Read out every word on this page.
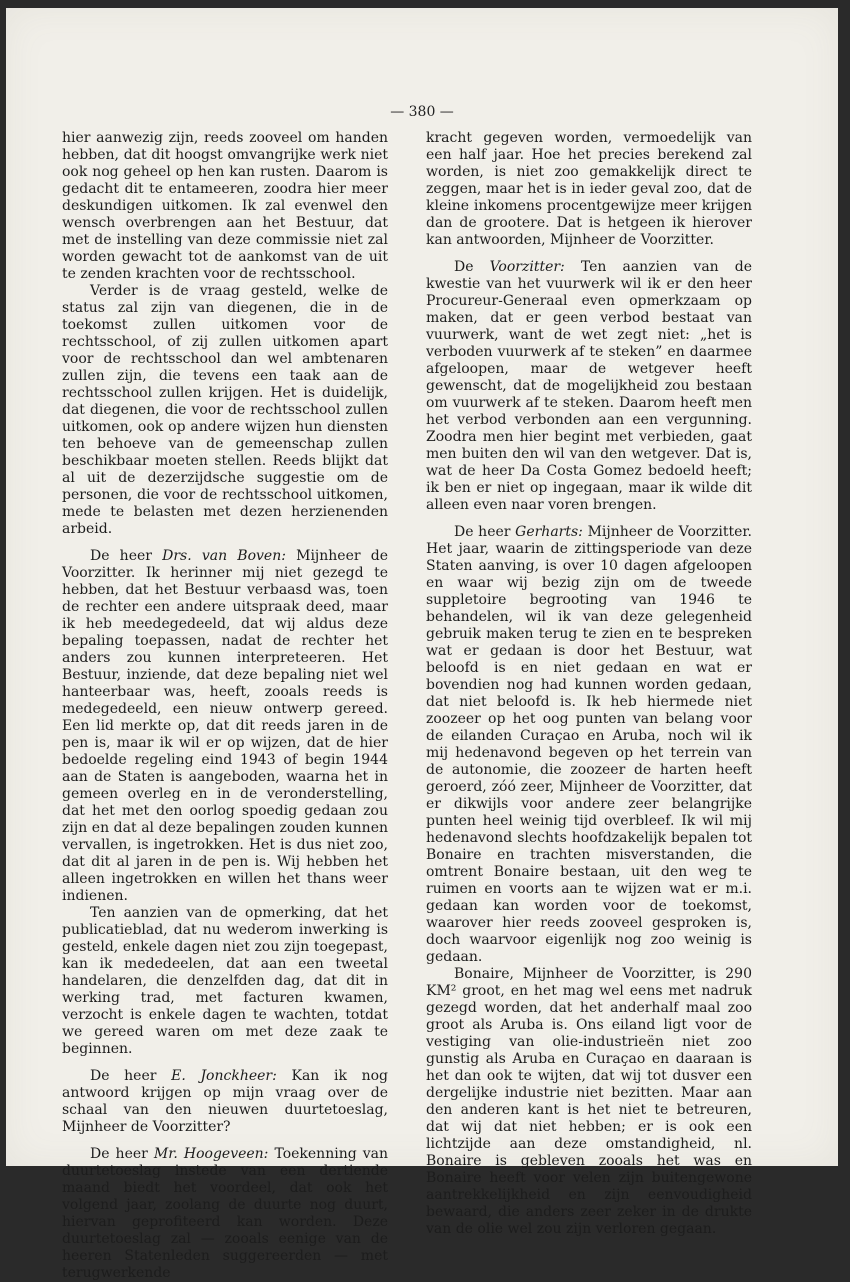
— 380 —

hier aanwezig zijn, reeds zooveel om handen hebben, dat dit hoogst omvangrijke werk niet ook nog geheel op hen kan rusten. Daarom is gedacht dit te entameeren, zoodra hier meer deskundigen uitkomen. Ik zal evenwel den wensch overbrengen aan het Bestuur, dat met de instelling van deze commissie niet zal worden gewacht tot de aankomst van de uit te zenden krachten voor de rechtsschool.

Verder is de vraag gesteld, welke de status zal zijn van diegenen, die in de toekomst zullen uitkomen voor de rechtsschool, of zij zullen uitkomen apart voor de rechtsschool dan wel ambtenaren zullen zijn, die tevens een taak aan de rechtsschool zullen krijgen. Het is duidelijk, dat diegenen, die voor de rechtsschool zullen uitkomen, ook op andere wijzen hun diensten ten behoeve van de gemeenschap zullen beschikbaar moeten stellen. Reeds blijkt dat al uit de dezerzijdsche suggestie om de personen, die voor de rechtsschool uitkomen, mede te belasten met dezen herzienenden arbeid.

De heer Drs. van Boven: Mijnheer de Voorzitter. Ik herinner mij niet gezegd te hebben, dat het Bestuur verbaasd was, toen de rechter een andere uitspraak deed, maar ik heb meedegedeeld, dat wij aldus deze bepaling toepassen, nadat de rechter het anders zou kunnen interpreteeren. Het Bestuur, inziende, dat deze bepaling niet wel hanteerbaar was, heeft, zooals reeds is medegedeeld, een nieuw ontwerp gereed. Een lid merkte op, dat dit reeds jaren in de pen is, maar ik wil er op wijzen, dat de hier bedoelde regeling eind 1943 of begin 1944 aan de Staten is aangeboden, waarna het in gemeen overleg en in de veronderstelling, dat het met den oorlog spoedig gedaan zou zijn en dat al deze bepalingen zouden kunnen vervallen, is ingetrokken. Het is dus niet zoo, dat dit al jaren in de pen is. Wij hebben het alleen ingetrokken en willen het thans weer indienen.

Ten aanzien van de opmerking, dat het publicatieblad, dat nu wederom inwerking is gesteld, enkele dagen niet zou zijn toegepast, kan ik mededeelen, dat aan een tweetal handelaren, die denzelfden dag, dat dit in werking trad, met facturen kwamen, verzocht is enkele dagen te wachten, totdat we gereed waren om met deze zaak te beginnen.

De heer E. Jonckheer: Kan ik nog antwoord krijgen op mijn vraag over de schaal van den nieuwen duurtetoeslag, Mijnheer de Voorzitter?

De heer Mr. Hoogeveen: Toekenning van duurtetoeslag instede van een dertiende maand biedt het voordeel, dat ook het volgend jaar, zoolang de duurte nog duurt, hiervan geprofiteerd kan worden. Deze duurtetoeslag zal — zooals eenige van de heeren Statenleden suggereerden — met terugwerkende

kracht gegeven worden, vermoedelijk van een half jaar. Hoe het precies berekend zal worden, is niet zoo gemakkelijk direct te zeggen, maar het is in ieder geval zoo, dat de kleine inkomens procentgewijze meer krijgen dan de grootere. Dat is hetgeen ik hierover kan antwoorden, Mijnheer de Voorzitter.

De Voorzitter: Ten aanzien van de kwestie van het vuurwerk wil ik er den heer Procureur-Generaal even opmerkzaam op maken, dat er geen verbod bestaat van vuurwerk, want de wet zegt niet: „het is verboden vuurwerk af te steken” en daarmee afgeloopen, maar de wetgever heeft gewenscht, dat de mogelijkheid zou bestaan om vuurwerk af te steken. Daarom heeft men het verbod verbonden aan een vergunning. Zoodra men hier begint met verbieden, gaat men buiten den wil van den wetgever. Dat is, wat de heer Da Costa Gomez bedoeld heeft; ik ben er niet op ingegaan, maar ik wilde dit alleen even naar voren brengen.

De heer Gerharts: Mijnheer de Voorzitter. Het jaar, waarin de zittingsperiode van deze Staten aanving, is over 10 dagen afgeloopen en waar wij bezig zijn om de tweede suppletoire begrooting van 1946 te behandelen, wil ik van deze gelegenheid gebruik maken terug te zien en te bespreken wat er gedaan is door het Bestuur, wat beloofd is en niet gedaan en wat er bovendien nog had kunnen worden gedaan, dat niet beloofd is. Ik heb hiermede niet zoozeer op het oog punten van belang voor de eilanden Curaçao en Aruba, noch wil ik mij hedenavond begeven op het terrein van de autonomie, die zoozeer de harten heeft geroerd, zóó zeer, Mijnheer de Voorzitter, dat er dikwijls voor andere zeer belangrijke punten heel weinig tijd overbleef. Ik wil mij hedenavond slechts hoofdzakelijk bepalen tot Bonaire en trachten misverstanden, die omtrent Bonaire bestaan, uit den weg te ruimen en voorts aan te wijzen wat er m.i. gedaan kan worden voor de toekomst, waarover hier reeds zooveel gesproken is, doch waarvoor eigenlijk nog zoo weinig is gedaan.

Bonaire, Mijnheer de Voorzitter, is 290 KM² groot, en het mag wel eens met nadruk gezegd worden, dat het anderhalf maal zoo groot als Aruba is. Ons eiland ligt voor de vestiging van olie-industrieën niet zoo gunstig als Aruba en Curaçao en daaraan is het dan ook te wijten, dat wij tot dusver een dergelijke industrie niet bezitten. Maar aan den anderen kant is het niet te betreuren, dat wij dat niet hebben; er is ook een lichtzijde aan deze omstandigheid, nl. Bonaire is gebleven zooals het was en Bonaire heeft voor velen zijn buitengewone aantrekkelijkheid en zijn eenvoudigheid bewaard, die anders zeer zeker in de drukte van de olie wel zou zijn verloren gegaan.
